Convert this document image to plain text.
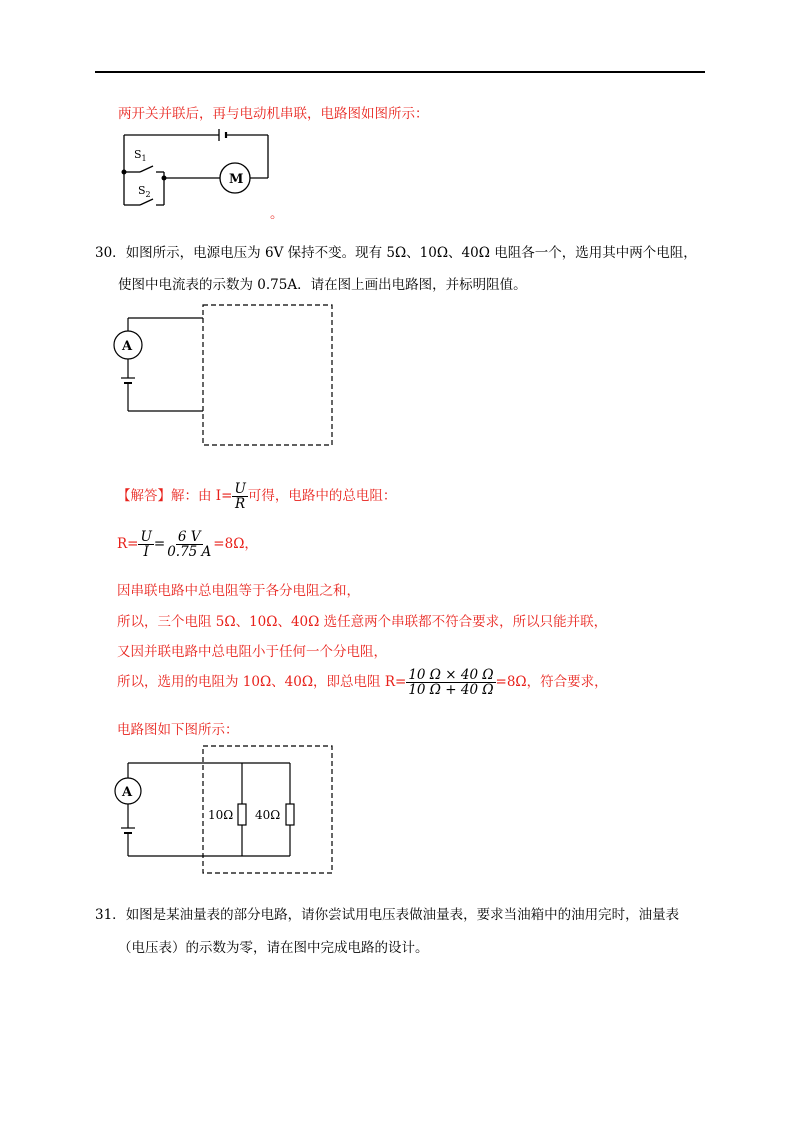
两开关并联后，再与电动机串联，电路图如图所示：
$S_1$
$S_2$
M
。
30．如图所示，电源电压为 6V 保持不变。现有 5Ω、10Ω、40Ω 电阻各一个，选用其中两个电阻，
使图中电流表的示数为 0.75A．请在图上画出电路图，并标明阻值。
A
【解答】解：由 $I= \frac{U}{R}$ 可得，电路中的总电阻：
$R= \frac{U}{I} = \frac{6 V}{0.75 A} =8\Omega$，
因串联电路中总电阻等于各分电阻之和，
所以，三个电阻 5Ω、10Ω、40Ω 选任意两个串联都不符合要求，所以只能并联，
又因并联电路中总电阻小于任何一个分电阻，
所以，选用的电阻为 10Ω、40Ω，即总电阻 $R= \frac{10 \Omega \times 40 \Omega}{10 \Omega + 40 \Omega} =8\Omega$，符合要求，
电路图如下图所示：
A
10Ω 40Ω
31．如图是某油量表的部分电路，请你尝试用电压表做油量表，要求当油箱中的油用完时，油量表
（电压表）的示数为零，请在图中完成电路的设计。
